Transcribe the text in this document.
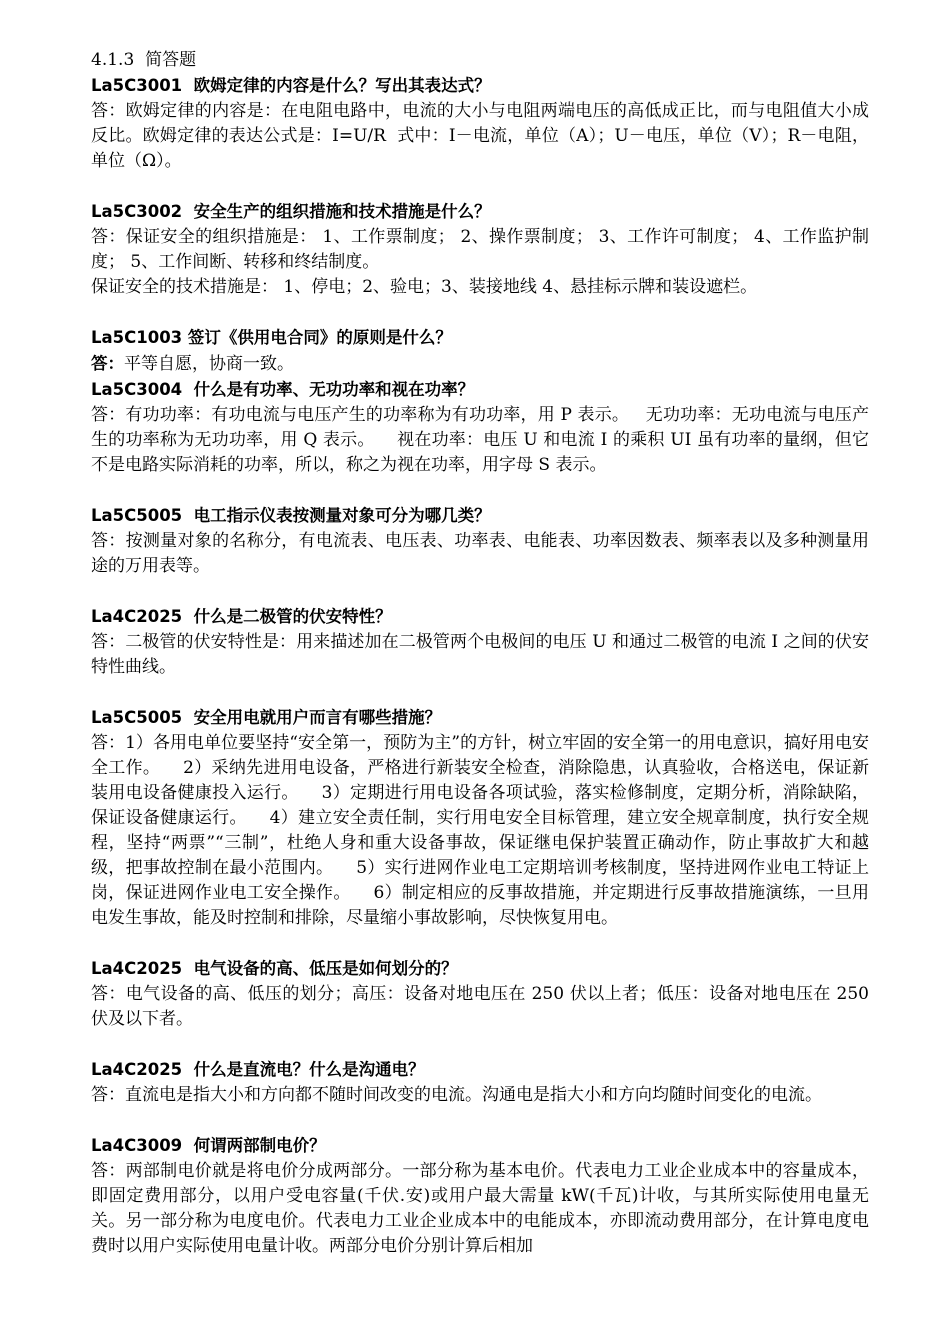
4.1.3  简答题

La5C3001  欧姆定律的内容是什么？写出其表达式？

答：欧姆定律的内容是：在电阻电路中，电流的大小与电阻两端电压的高低成正比，而与电阻值大小成反比。欧姆定律的表达公式是：I=U/R  式中：I－电流，单位（A）；U－电压，单位（V）；R－电阻，单位（Ω）。

La5C3002  安全生产的组织措施和技术措施是什么？

答：保证安全的组织措施是： 1、工作票制度； 2、操作票制度； 3、工作许可制度； 4、工作监护制度； 5、工作间断、转移和终结制度。

保证安全的技术措施是： 1、停电；2、验电；3、装接地线 4、悬挂标示牌和装设遮栏。

La5C1003 签订《供用电合同》的原则是什么？

答：平等自愿，协商一致。

La5C3004  什么是有功率、无功功率和视在功率？

答：有功功率：有功电流与电压产生的功率称为有功功率，用 P 表示。   无功功率：无功电流与电压产生的功率称为无功功率，用 Q 表示。    视在功率：电压 U 和电流 I 的乘积 UI 虽有功率的量纲，但它不是电路实际消耗的功率，所以，称之为视在功率，用字母 S 表示。

La5C5005  电工指示仪表按测量对象可分为哪几类？

答：按测量对象的名称分，有电流表、电压表、功率表、电能表、功率因数表、频率表以及多种测量用途的万用表等。

La4C2025  什么是二极管的伏安特性？

答：二极管的伏安特性是：用来描述加在二极管两个电极间的电压 U 和通过二极管的电流 I 之间的伏安特性曲线。

La5C5005  安全用电就用户而言有哪些措施？

答：1）各用电单位要坚持“安全第一，预防为主”的方针，树立牢固的安全第一的用电意识，搞好用电安全工作。    2）采纳先进用电设备，严格进行新装安全检查，消除隐患，认真验收，合格送电，保证新装用电设备健康投入运行。    3）定期进行用电设备各项试验，落实检修制度，定期分析，消除缺陷，保证设备健康运行。    4）建立安全责任制，实行用电安全目标管理，建立安全规章制度，执行安全规程，坚持“两票”“三制”，杜绝人身和重大设备事故，保证继电保护装置正确动作，防止事故扩大和越级，把事故控制在最小范围内。    5）实行进网作业电工定期培训考核制度，坚持进网作业电工特证上岗，保证进网作业电工安全操作。    6）制定相应的反事故措施，并定期进行反事故措施演练，一旦用电发生事故，能及时控制和排除，尽量缩小事故影响，尽快恢复用电。

La4C2025  电气设备的高、低压是如何划分的？

答：电气设备的高、低压的划分；高压：设备对地电压在 250 伏以上者；低压：设备对地电压在 250 伏及以下者。

La4C2025  什么是直流电？什么是沟通电？

答：直流电是指大小和方向都不随时间改变的电流。沟通电是指大小和方向均随时间变化的电流。

La4C3009  何谓两部制电价？

答：两部制电价就是将电价分成两部分。一部分称为基本电价。代表电力工业企业成本中的容量成本，即固定费用部分，以用户受电容量(千伏.安)或用户最大需量 kW(千瓦)计收，与其所实际使用电量无关。另一部分称为电度电价。代表电力工业企业成本中的电能成本，亦即流动费用部分，在计算电度电费时以用户实际使用电量计收。两部分电价分别计算后相加
